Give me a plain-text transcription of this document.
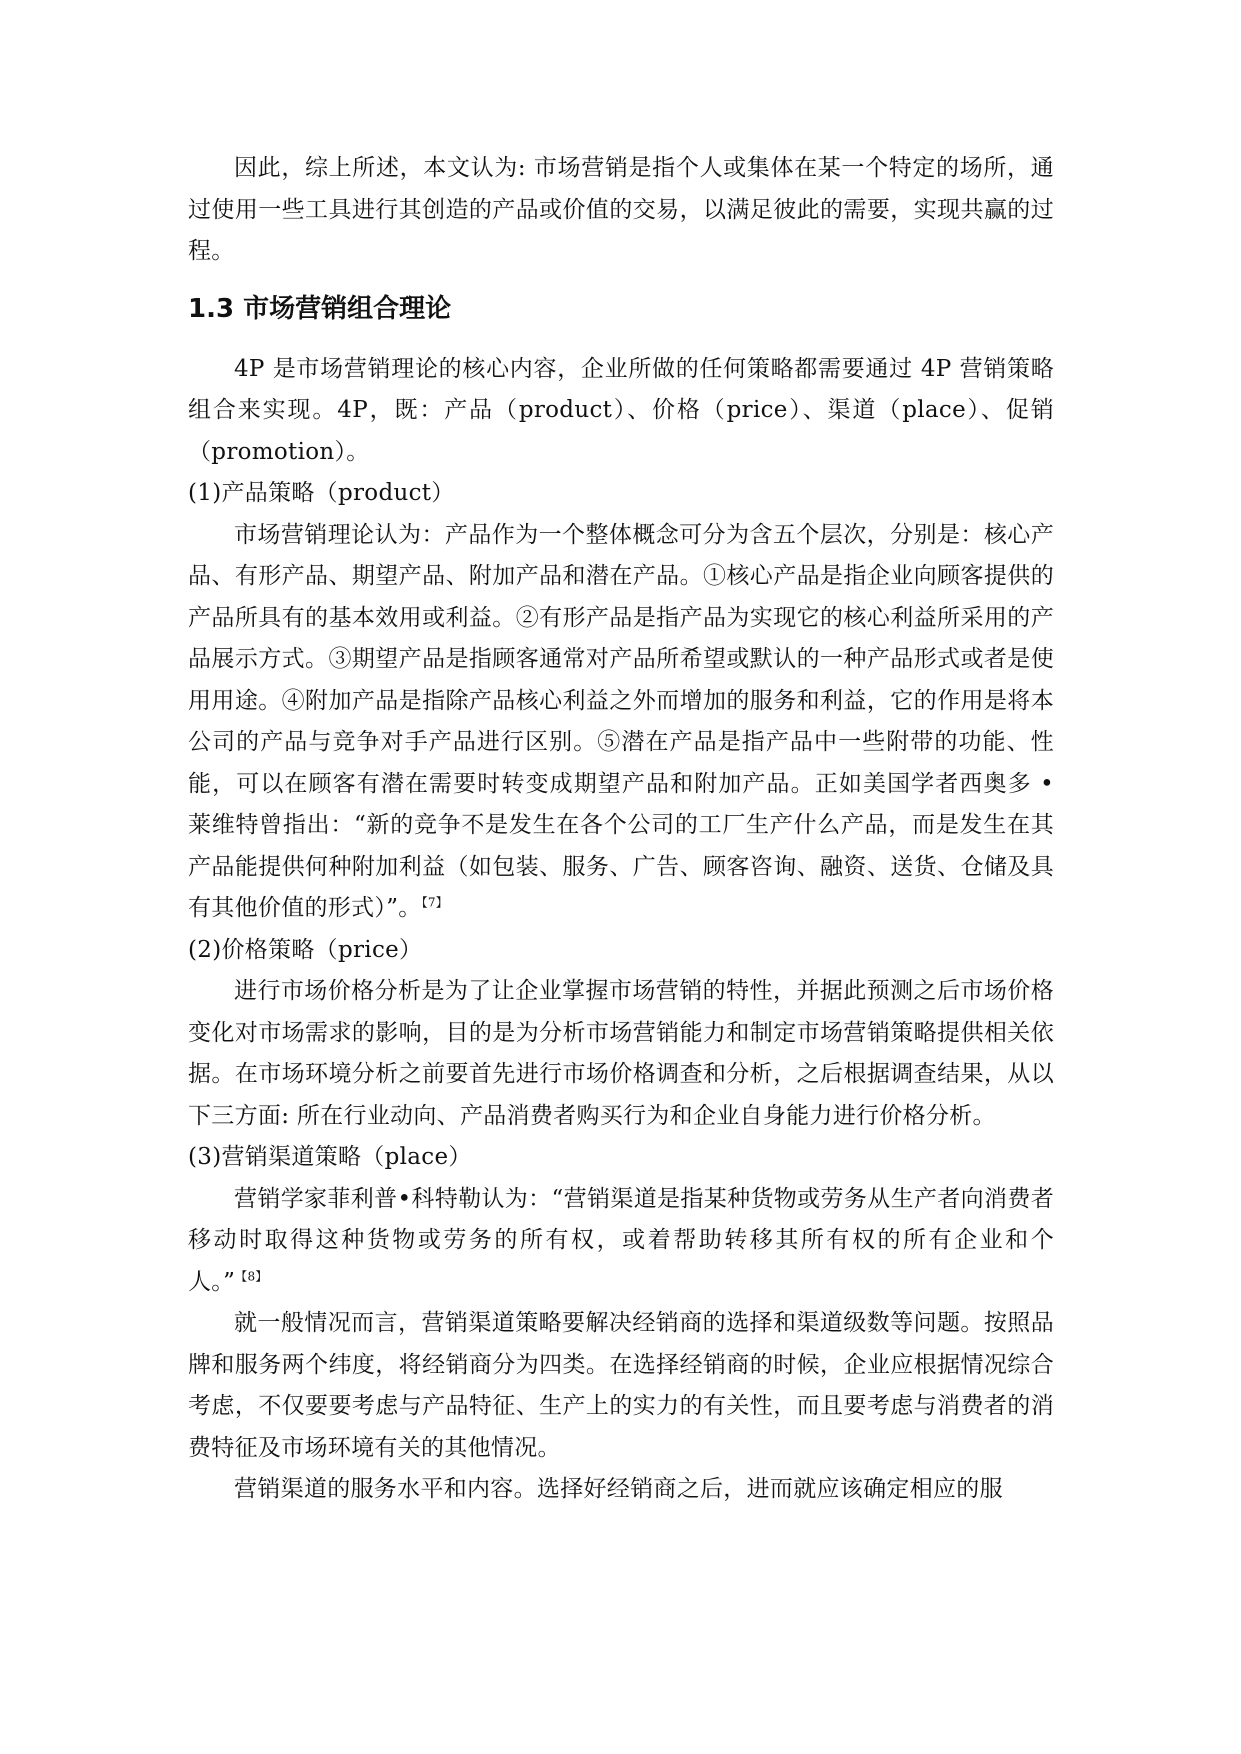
因此，综上所述，本文认为: 市场营销是指个人或集体在某一个特定的场所，通过使用一些工具进行其创造的产品或价值的交易，以满足彼此的需要，实现共赢的过程。

1.3 市场营销组合理论

4P 是市场营销理论的核心内容，企业所做的任何策略都需要通过 4P 营销策略组合来实现。4P，既：产品（product）、价格（price）、渠道（place）、促销（promotion）。

(1)产品策略（product）

市场营销理论认为：产品作为一个整体概念可分为含五个层次，分别是：核心产品、有形产品、期望产品、附加产品和潜在产品。①核心产品是指企业向顾客提供的产品所具有的基本效用或利益。②有形产品是指产品为实现它的核心利益所采用的产品展示方式。③期望产品是指顾客通常对产品所希望或默认的一种产品形式或者是使用用途。④附加产品是指除产品核心利益之外而增加的服务和利益，它的作用是将本公司的产品与竞争对手产品进行区别。⑤潜在产品是指产品中一些附带的功能、性能，可以在顾客有潜在需要时转变成期望产品和附加产品。正如美国学者西奥多 • 莱维特曾指出：“新的竞争不是发生在各个公司的工厂生产什么产品，而是发生在其产品能提供何种附加利益（如包装、服务、广告、顾客咨询、融资、送货、仓储及具有其他价值的形式）”。$^{【7】}$

(2)价格策略（price）

进行市场价格分析是为了让企业掌握市场营销的特性，并据此预测之后市场价格变化对市场需求的影响，目的是为分析市场营销能力和制定市场营销策略提供相关依据。在市场环境分析之前要首先进行市场价格调查和分析，之后根据调查结果，从以下三方面: 所在行业动向、产品消费者购买行为和企业自身能力进行价格分析。

(3)营销渠道策略（place）

营销学家菲利普•科特勒认为：“营销渠道是指某种货物或劳务从生产者向消费者移动时取得这种货物或劳务的所有权，或着帮助转移其所有权的所有企业和个人。”$^{【8】}$

就一般情况而言，营销渠道策略要解决经销商的选择和渠道级数等问题。按照品牌和服务两个纬度，将经销商分为四类。在选择经销商的时候，企业应根据情况综合考虑，不仅要要考虑与产品特征、生产上的实力的有关性，而且要考虑与消费者的消费特征及市场环境有关的其他情况。

营销渠道的服务水平和内容。选择好经销商之后，进而就应该确定相应的服
